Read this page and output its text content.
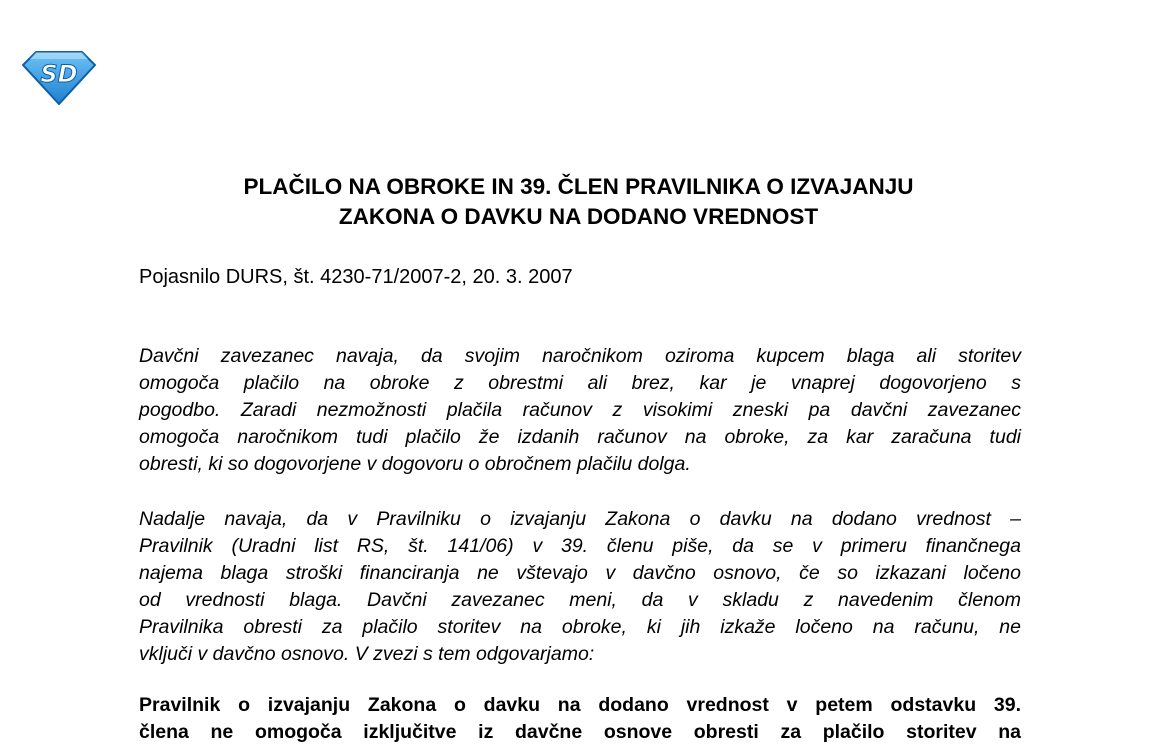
SD
PLAČILO NA OBROKE IN 39. ČLEN PRAVILNIKA O IZVAJANJU
ZAKONA O DAVKU NA DODANO VREDNOST

Pojasnilo DURS, št. 4230-71/2007-2, 20. 3. 2007

Davčni zavezanec navaja, da svojim naročnikom oziroma kupcem blaga ali storitev
omogoča plačilo na obroke z obrestmi ali brez, kar je vnaprej dogovorjeno s
pogodbo. Zaradi nezmožnosti plačila računov z visokimi zneski pa davčni zavezanec
omogoča naročnikom tudi plačilo že izdanih računov na obroke, za kar zaračuna tudi
obresti, ki so dogovorjene v dogovoru o obročnem plačilu dolga.

Nadalje navaja, da v Pravilniku o izvajanju Zakona o davku na dodano vrednost –
Pravilnik (Uradni list RS, št. 141/06) v 39. členu piše, da se v primeru finančnega
najema blaga stroški financiranja ne vštevajo v davčno osnovo, če so izkazani ločeno
od vrednosti blaga. Davčni zavezanec meni, da v skladu z navedenim členom
Pravilnika obresti za plačilo storitev na obroke, ki jih izkaže ločeno na računu, ne
vključi v davčno osnovo. V zvezi s tem odgovarjamo:

Pravilnik o izvajanju Zakona o davku na dodano vrednost v petem odstavku 39.
člena ne omogoča izključitve iz davčne osnove obresti za plačilo storitev na
